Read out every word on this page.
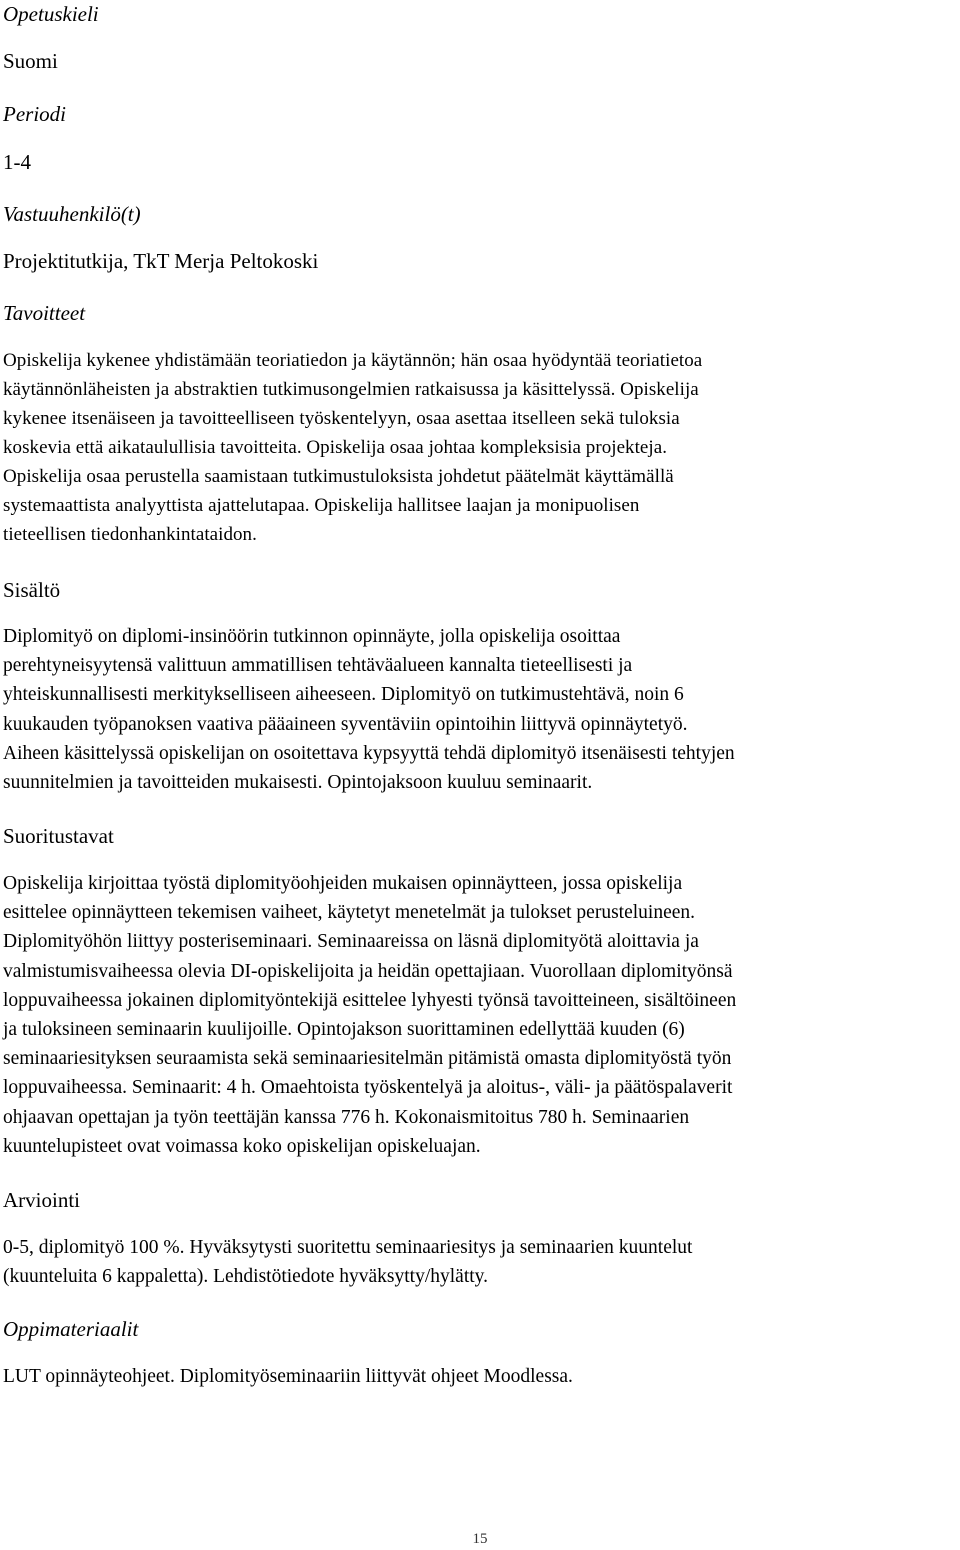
Opetuskieli

Suomi

Periodi

1-4

Vastuuhenkilö(t)

Projektitutkija, TkT Merja Peltokoski

Tavoitteet
Opiskelija kykenee yhdistämään teoriatiedon ja käytännön; hän osaa hyödyntää teoriatietoa
käytännönläheisten ja abstraktien tutkimusongelmien ratkaisussa ja käsittelyssä. Opiskelija
kykenee itsenäiseen ja tavoitteelliseen työskentelyyn, osaa asettaa itselleen sekä tuloksia
koskevia että aikataulullisia tavoitteita. Opiskelija osaa johtaa kompleksisia projekteja.
Opiskelija osaa perustella saamistaan tutkimustuloksista johdetut päätelmät käyttämällä
systemaattista analyyttista ajattelutapaa. Opiskelija hallitsee laajan ja monipuolisen
tieteellisen tiedonhankintataidon.
Sisältö
Diplomityö on diplomi-insinöörin tutkinnon opinnäyte, jolla opiskelija osoittaa
perehtyneisyytensä valittuun ammatillisen tehtäväalueen kannalta tieteellisesti ja
yhteiskunnallisesti merkitykselliseen aiheeseen. Diplomityö on tutkimustehtävä, noin 6
kuukauden työpanoksen vaativa pääaineen syventäviin opintoihin liittyvä opinnäytetyö.
Aiheen käsittelyssä opiskelijan on osoitettava kypsyyttä tehdä diplomityö itsenäisesti tehtyjen
suunnitelmien ja tavoitteiden mukaisesti. Opintojaksoon kuuluu seminaarit.
Suoritustavat
Opiskelija kirjoittaa työstä diplomityöohjeiden mukaisen opinnäytteen, jossa opiskelija
esittelee opinnäytteen tekemisen vaiheet, käytetyt menetelmät ja tulokset perusteluineen.
Diplomityöhön liittyy posteriseminaari. Seminaareissa on läsnä diplomityötä aloittavia ja
valmistumisvaiheessa olevia DI-opiskelijoita ja heidän opettajiaan. Vuorollaan diplomityönsä
loppuvaiheessa jokainen diplomityöntekijä esittelee lyhyesti työnsä tavoitteineen, sisältöineen
ja tuloksineen seminaarin kuulijoille. Opintojakson suorittaminen edellyttää kuuden (6)
seminaariesityksen seuraamista sekä seminaariesitelmän pitämistä omasta diplomityöstä työn
loppuvaiheessa. Seminaarit: 4 h. Omaehtoista työskentelyä ja aloitus-, väli- ja päätöspalaverit
ohjaavan opettajan ja työn teettäjän kanssa 776 h. Kokonaismitoitus 780 h. Seminaarien
kuuntelupisteet ovat voimassa koko opiskelijan opiskeluajan.
Arviointi
0-5, diplomityö 100 %. Hyväksytysti suoritettu seminaariesitys ja seminaarien kuuntelut
(kuunteluita 6 kappaletta). Lehdistötiedote hyväksytty/hylätty.
Oppimateriaalit
LUT opinnäyteohjeet. Diplomityöseminaariin liittyvät ohjeet Moodlessa.
15
